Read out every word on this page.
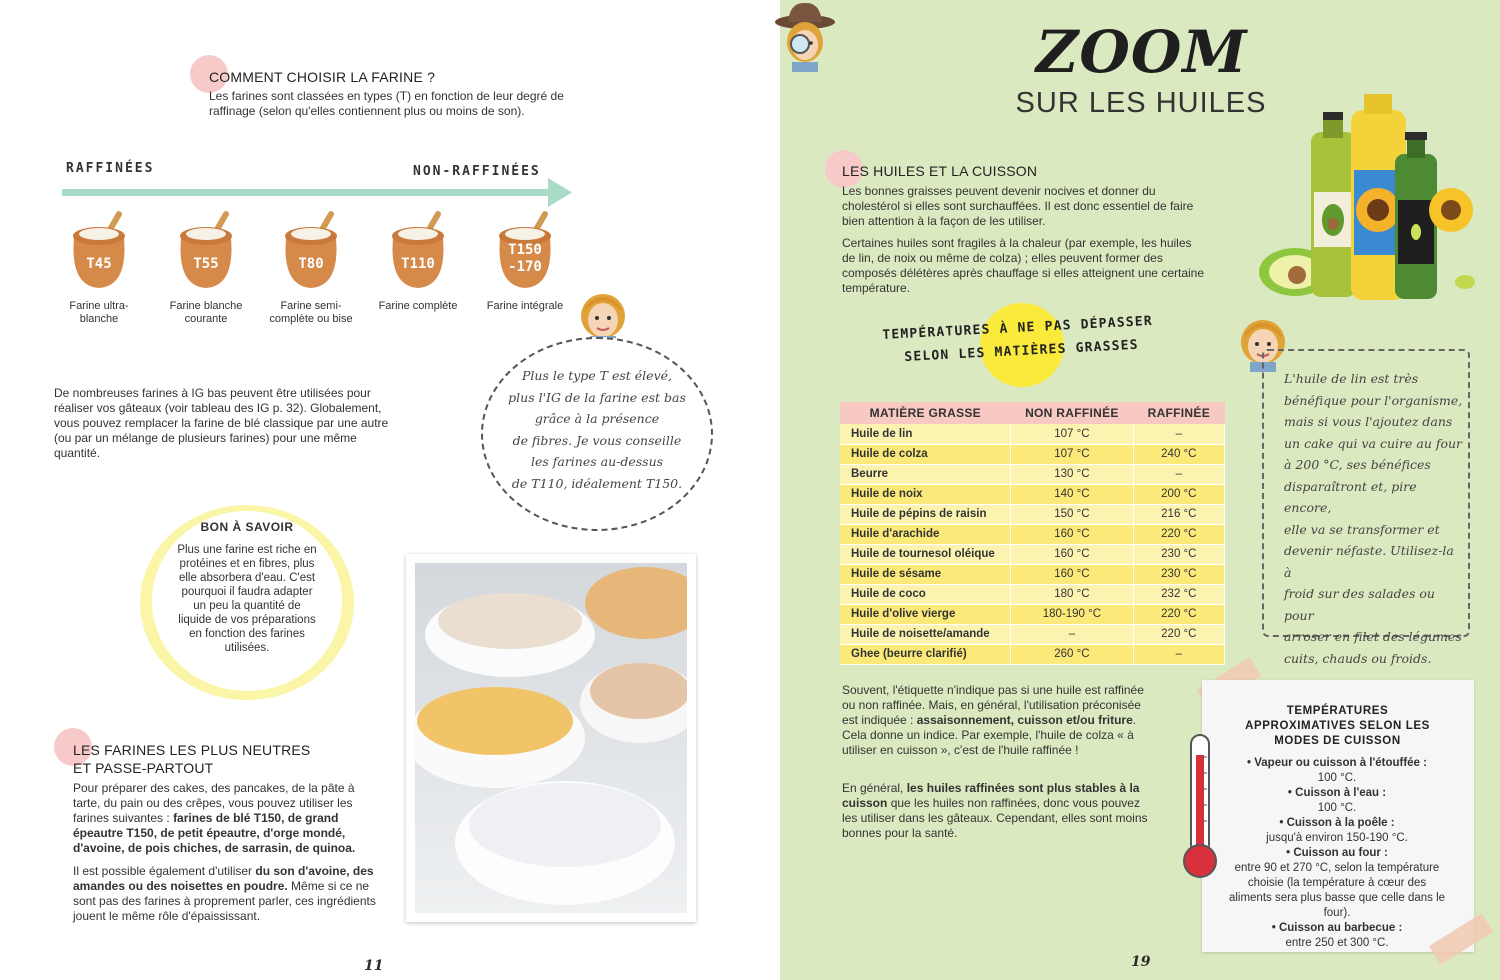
COMMENT CHOISIR LA FARINE ?
Les farines sont classées en types (T) en fonction de leur degré de raffinage (selon qu'elles contiennent plus ou moins de son).
RAFFINÉES	NON-RAFFINÉES
T45
Farine ultra-blanche
T55
Farine blanche courante
T80
Farine semi-complète ou bise
T110
Farine complète
T150 -170
Farine intégrale
De nombreuses farines à IG bas peuvent être utilisées pour réaliser vos gâteaux (voir tableau des IG p. 32). Globalement, vous pouvez remplacer la farine de blé classique par une autre (ou par un mélange de plusieurs farines) pour une même quantité.
Plus le type T est élevé,
plus l'IG de la farine est bas
grâce à la présence
de fibres. Je vous conseille
les farines au-dessus
de T110, idéalement T150.
BON À SAVOIR
Plus une farine est riche en protéines et en fibres, plus elle absorbera d'eau. C'est pourquoi il faudra adapter un peu la quantité de liquide de vos préparations en fonction des farines utilisées.
LES FARINES LES PLUS NEUTRES
ET PASSE-PARTOUT
Pour préparer des cakes, des pancakes, de la pâte à tarte, du pain ou des crêpes, vous pouvez utiliser les farines suivantes : farines de blé T150, de grand épeautre T150, de petit épeautre, d'orge mondé, d'avoine, de pois chiches, de sarrasin, de quinoa.
Il est possible également d'utiliser du son d'avoine, des amandes ou des noisettes en poudre. Même si ce ne sont pas des farines à proprement parler, ces ingrédients jouent le même rôle d'épaississant.
11
ZOOM
SUR LES HUILES
LES HUILES ET LA CUISSON
Les bonnes graisses peuvent devenir nocives et donner du cholestérol si elles sont surchauffées. Il est donc essentiel de faire bien attention à la façon de les utiliser.
Certaines huiles sont fragiles à la chaleur (par exemple, les huiles de lin, de noix ou même de colza) ; elles peuvent former des composés délétères après chauffage si elles atteignent une certaine température.
TEMPÉRATURES À NE PAS DÉPASSER
SELON LES MATIÈRES GRASSES
MATIÈRE GRASSE	NON RAFFINÉE	RAFFINÉE
Huile de lin	107 °C	–
Huile de colza	107 °C	240 °C
Beurre	130 °C	–
Huile de noix	140 °C	200 °C
Huile de pépins de raisin	150 °C	216 °C
Huile d'arachide	160 °C	220 °C
Huile de tournesol oléique	160 °C	230 °C
Huile de sésame	160 °C	230 °C
Huile de coco	180 °C	232 °C
Huile d'olive vierge	180-190 °C	220 °C
Huile de noisette/amande	–	220 °C
Ghee (beurre clarifié)	260 °C	–
L'huile de lin est très
bénéfique pour l'organisme,
mais si vous l'ajoutez dans
un cake qui va cuire au four
à 200 °C, ses bénéfices
disparaîtront et, pire encore,
elle va se transformer et
devenir néfaste. Utilisez-la à
froid sur des salades ou pour
arroser en filet des légumes
cuits, chauds ou froids.
Souvent, l'étiquette n'indique pas si une huile est raffinée ou non raffinée. Mais, en général, l'utilisation préconisée est indiquée : assaisonnement, cuisson et/ou friture. Cela donne un indice. Par exemple, l'huile de colza « à utiliser en cuisson », c'est de l'huile raffinée !
En général, les huiles raffinées sont plus stables à la cuisson que les huiles non raffinées, donc vous pouvez les utiliser dans les gâteaux. Cependant, elles sont moins bonnes pour la santé.
TEMPÉRATURES APPROXIMATIVES SELON LES MODES DE CUISSON
• Vapeur ou cuisson à l'étouffée :
100 °C.
• Cuisson à l'eau :
100 °C.
• Cuisson à la poêle :
jusqu'à environ 150-190 °C.
• Cuisson au four :
entre 90 et 270 °C, selon la température choisie (la température à cœur des aliments sera plus basse que celle dans le four).
• Cuisson au barbecue :
entre 250 et 300 °C.
19
